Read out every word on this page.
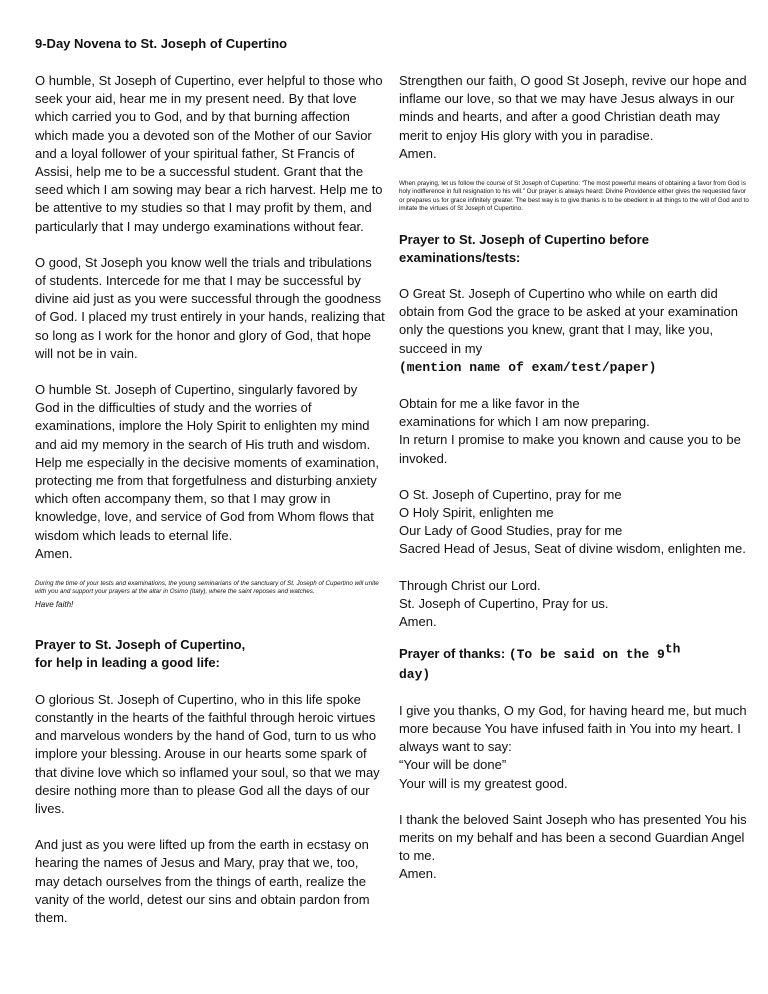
9-Day Novena to St. Joseph of Cupertino

O humble, St Joseph of Cupertino, ever helpful to those who seek your aid, hear me in my present need. By that love which carried you to God, and by that burning affection which made you a devoted son of the Mother of our Savior and a loyal follower of your spiritual father, St Francis of Assisi, help me to be a successful student. Grant that the seed which I am sowing may bear a rich harvest. Help me to be attentive to my studies so that I may profit by them, and particularly that I may undergo examinations without fear.

O good, St Joseph you know well the trials and tribulations of students. Intercede for me that I may be successful by divine aid just as you were successful through the goodness of God. I placed my trust entirely in your hands, realizing that so long as I work for the honor and glory of God, that hope will not be in vain.

O humble St. Joseph of Cupertino, singularly favored by God in the difficulties of study and the worries of examinations, implore the Holy Spirit to enlighten my mind and aid my memory in the search of His truth and wisdom. Help me especially in the decisive moments of examination, protecting me from that forgetfulness and disturbing anxiety which often accompany them, so that I may grow in knowledge, love, and service of God from Whom flows that wisdom which leads to eternal life.
Amen.

During the time of your tests and examinations, the young seminarians of the sanctuary of St. Joseph of Cupertino will unite with you and support your prayers at the altar in Osimo (Italy), where the saint reposes and watches.

Have faith!

Prayer to St. Joseph of Cupertino,
for help in leading a good life:

O glorious St. Joseph of Cupertino, who in this life spoke constantly in the hearts of the faithful through heroic virtues and marvelous wonders by the hand of God, turn to us who implore your blessing. Arouse in our hearts some spark of that divine love which so inflamed your soul, so that we may desire nothing more than to please God all the days of our lives.

And just as you were lifted up from the earth in ecstasy on hearing the names of Jesus and Mary, pray that we, too, may detach ourselves from the things of earth, realize the vanity of the world, detest our sins and obtain pardon from them.

Strengthen our faith, O good St Joseph, revive our hope and inflame our love, so that we may have Jesus always in our minds and hearts, and after a good Christian death may merit to enjoy His glory with you in paradise.
Amen.

When praying, let us follow the course of St Joseph of Cupertino: “The most powerful means of obtaining a favor from God is holy indifference in full resignation to his will.” Our prayer is always heard: Divine Providence either gives the requested favor or prepares us for grace infinitely greater. The best way is to give thanks is to be obedient in all things to the will of God and to imitate the virtues of St Joseph of Cupertino.

Prayer to St. Joseph of Cupertino before examinations/tests:

O Great St. Joseph of Cupertino who while on earth did obtain from God the grace to be asked at your examination only the questions you knew, grant that I may, like you, succeed in my
(mention name of exam/test/paper)

Obtain for me a like favor in the
examinations for which I am now preparing.
In return I promise to make you known and cause you to be invoked.

O St. Joseph of Cupertino, pray for me
O Holy Spirit, enlighten me
Our Lady of Good Studies, pray for me
Sacred Head of Jesus, Seat of divine wisdom, enlighten me.

Through Christ our Lord.
St. Joseph of Cupertino, Pray for us.
Amen.

Prayer of thanks: (To be said on the 9th
day)

I give you thanks, O my God, for having heard me, but much more because You have infused faith in You into my heart. I always want to say:
“Your will be done”
Your will is my greatest good.

I thank the beloved Saint Joseph who has presented You his merits on my behalf and has been a second Guardian Angel to me.
Amen.
